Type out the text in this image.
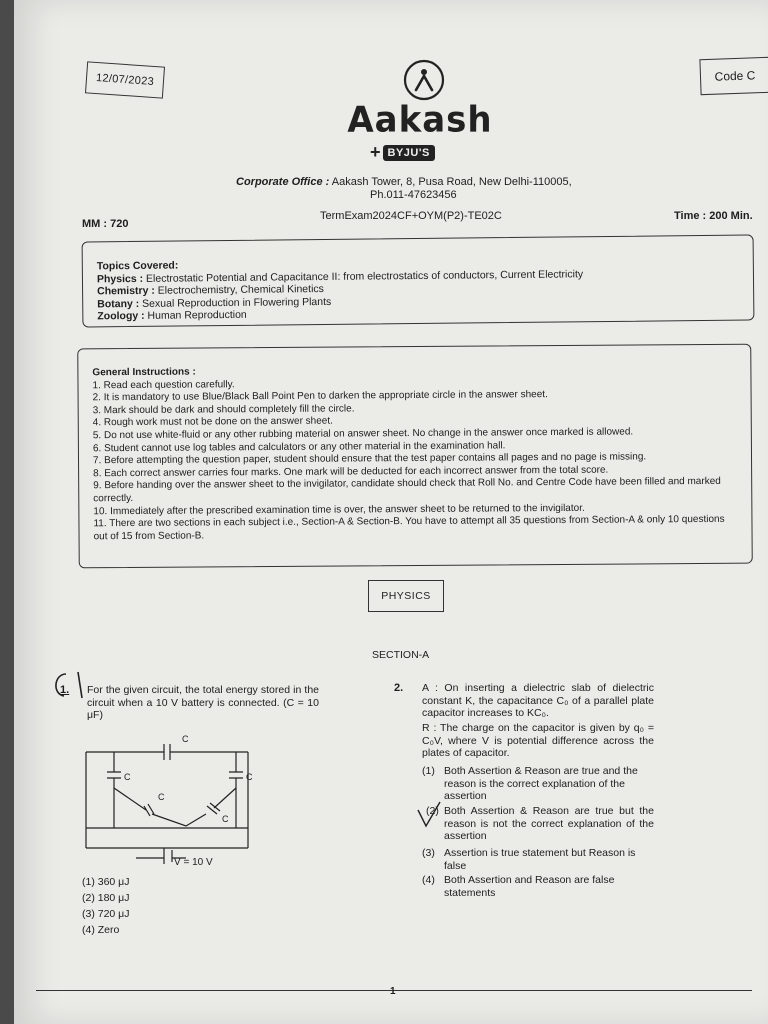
12/07/2023	Code C
Aakash
+ BYJU'S
Corporate Office : Aakash Tower, 8, Pusa Road, New Delhi-110005,
Ph.011-47623456
MM : 720
TermExam2024CF+OYM(P2)-TE02C	Time : 200 Min.
Topics Covered:
Physics : Electrostatic Potential and Capacitance II: from electrostatics of conductors, Current Electricity
Chemistry : Electrochemistry, Chemical Kinetics
Botany : Sexual Reproduction in Flowering Plants
Zoology : Human Reproduction
General Instructions :
1. Read each question carefully.
2. It is mandatory to use Blue/Black Ball Point Pen to darken the appropriate circle in the answer sheet.
3. Mark should be dark and should completely fill the circle.
4. Rough work must not be done on the answer sheet.
5. Do not use white-fluid or any other rubbing material on answer sheet. No change in the answer once marked is allowed.
6. Student cannot use log tables and calculators or any other material in the examination hall.
7. Before attempting the question paper, student should ensure that the test paper contains all pages and no page is missing.
8. Each correct answer carries four marks. One mark will be deducted for each incorrect answer from the total score.
9. Before handing over the answer sheet to the invigilator, candidate should check that Roll No. and Centre Code have been filled and marked correctly.
10. Immediately after the prescribed examination time is over, the answer sheet to be returned to the invigilator.
11. There are two sections in each subject i.e., Section-A & Section-B. You have to attempt all 35 questions from Section-A & only 10 questions out of 15 from Section-B.
PHYSICS
SECTION-A
1. For the given circuit, the total energy stored in the circuit when a 10 V battery is connected. (C = 10 μF)
C
C	C
C
C
V = 10 V
(1) 360 μJ
(2) 180 μJ
(3) 720 μJ
(4) Zero
2. A : On inserting a dielectric slab of dielectric constant K, the capacitance C₀ of a parallel plate capacitor increases to KC₀.
R : The charge on the capacitor is given by q₀ = C₀V, where V is potential difference across the plates of capacitor.
(1) Both Assertion & Reason are true and the reason is the correct explanation of the assertion
(2) Both Assertion & Reason are true but the reason is not the correct explanation of the assertion
(3) Assertion is true statement but Reason is false
(4) Both Assertion and Reason are false statements
1
